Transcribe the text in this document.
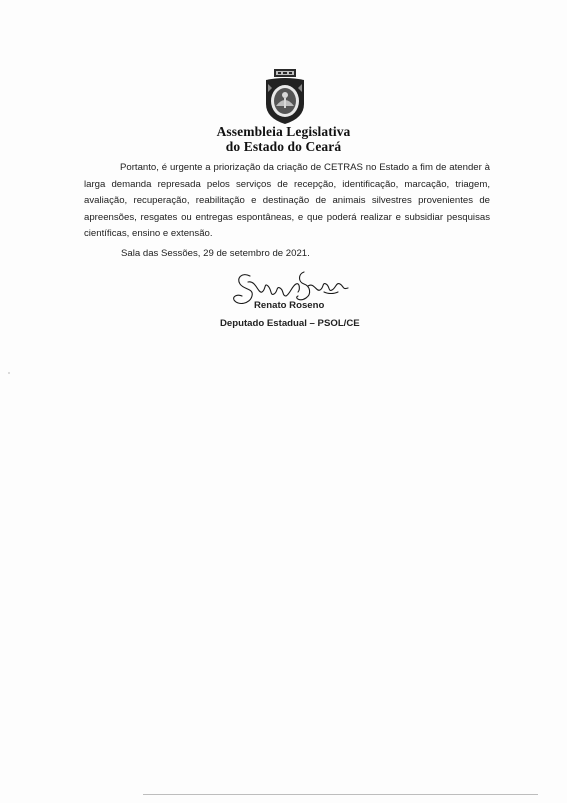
Assembleia Legislativa
do Estado do Ceará

Portanto, é urgente a priorização da criação de CETRAS no Estado a fim de atender à larga demanda represada pelos serviços de recepção, identificação, marcação, triagem, avaliação, recuperação, reabilitação e destinação de animais silvestres provenientes de apreensões, resgates ou entregas espontâneas, e que poderá realizar e subsidiar pesquisas científicas, ensino e extensão.

Sala das Sessões, 29 de setembro de 2021.
Renato Roseno
Deputado Estadual – PSOL/CE
